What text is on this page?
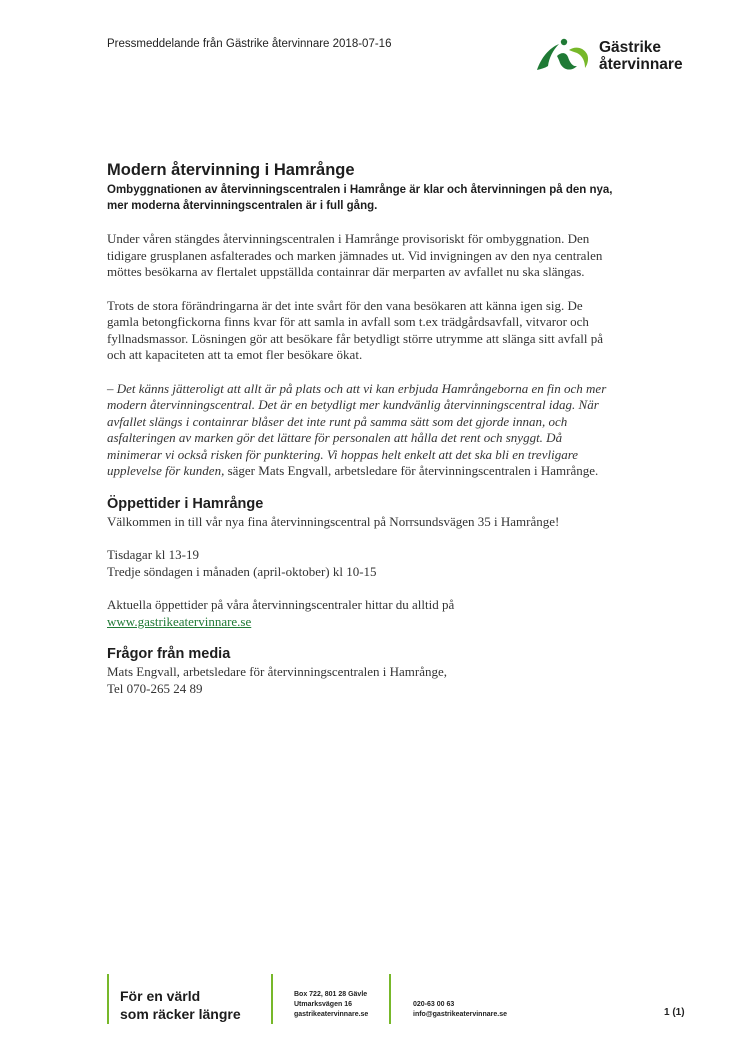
Pressmeddelande från Gästrike återvinnare 2018-07-16	Gästrike
återvinnare
Modern återvinning i Hamrånge

Ombyggnationen av återvinningscentralen i Hamrånge är klar och återvinningen på den nya, mer moderna återvinningscentralen är i full gång.

Under våren stängdes återvinningscentralen i Hamrånge provisoriskt för ombyggnation. Den tidigare grusplanen asfalterades och marken jämnades ut. Vid invigningen av den nya centralen möttes besökarna av flertalet uppställda containrar där merparten av avfallet nu ska slängas.

Trots de stora förändringarna är det inte svårt för den vana besökaren att känna igen sig. De gamla betongfickorna finns kvar för att samla in avfall som t.ex trädgårdsavfall, vitvaror och fyllnadsmassor. Lösningen gör att besökare får betydligt större utrymme att slänga sitt avfall på och att kapaciteten att ta emot fler besökare ökat.

– Det känns jätteroligt att allt är på plats och att vi kan erbjuda Hamrångeborna en fin och mer modern återvinningscentral. Det är en betydligt mer kundvänlig återvinningscentral idag. När avfallet slängs i containrar blåser det inte runt på samma sätt som det gjorde innan, och asfalteringen av marken gör det lättare för personalen att hålla det rent och snyggt. Då minimerar vi också risken för punktering. Vi hoppas helt enkelt att det ska bli en trevligare upplevelse för kunden, säger Mats Engvall, arbetsledare för återvinningscentralen i Hamrånge.

Öppettider i Hamrånge

Välkommen in till vår nya fina återvinningscentral på Norrsundsvägen 35 i Hamrånge!

Tisdagar kl 13-19
Tredje söndagen i månaden (april-oktober) kl 10-15

Aktuella öppettider på våra återvinningscentraler hittar du alltid på
www.gastrikeatervinnare.se

Frågor från media

Mats Engvall, arbetsledare för återvinningscentralen i Hamrånge,
Tel 070-265 24 89

För en värld
som räcker längre
Box 722, 801 28 Gävle
Utmarksvägen 16
gastrikeatervinnare.se
020-63 00 63
info@gastrikeatervinnare.se	1 (1)
